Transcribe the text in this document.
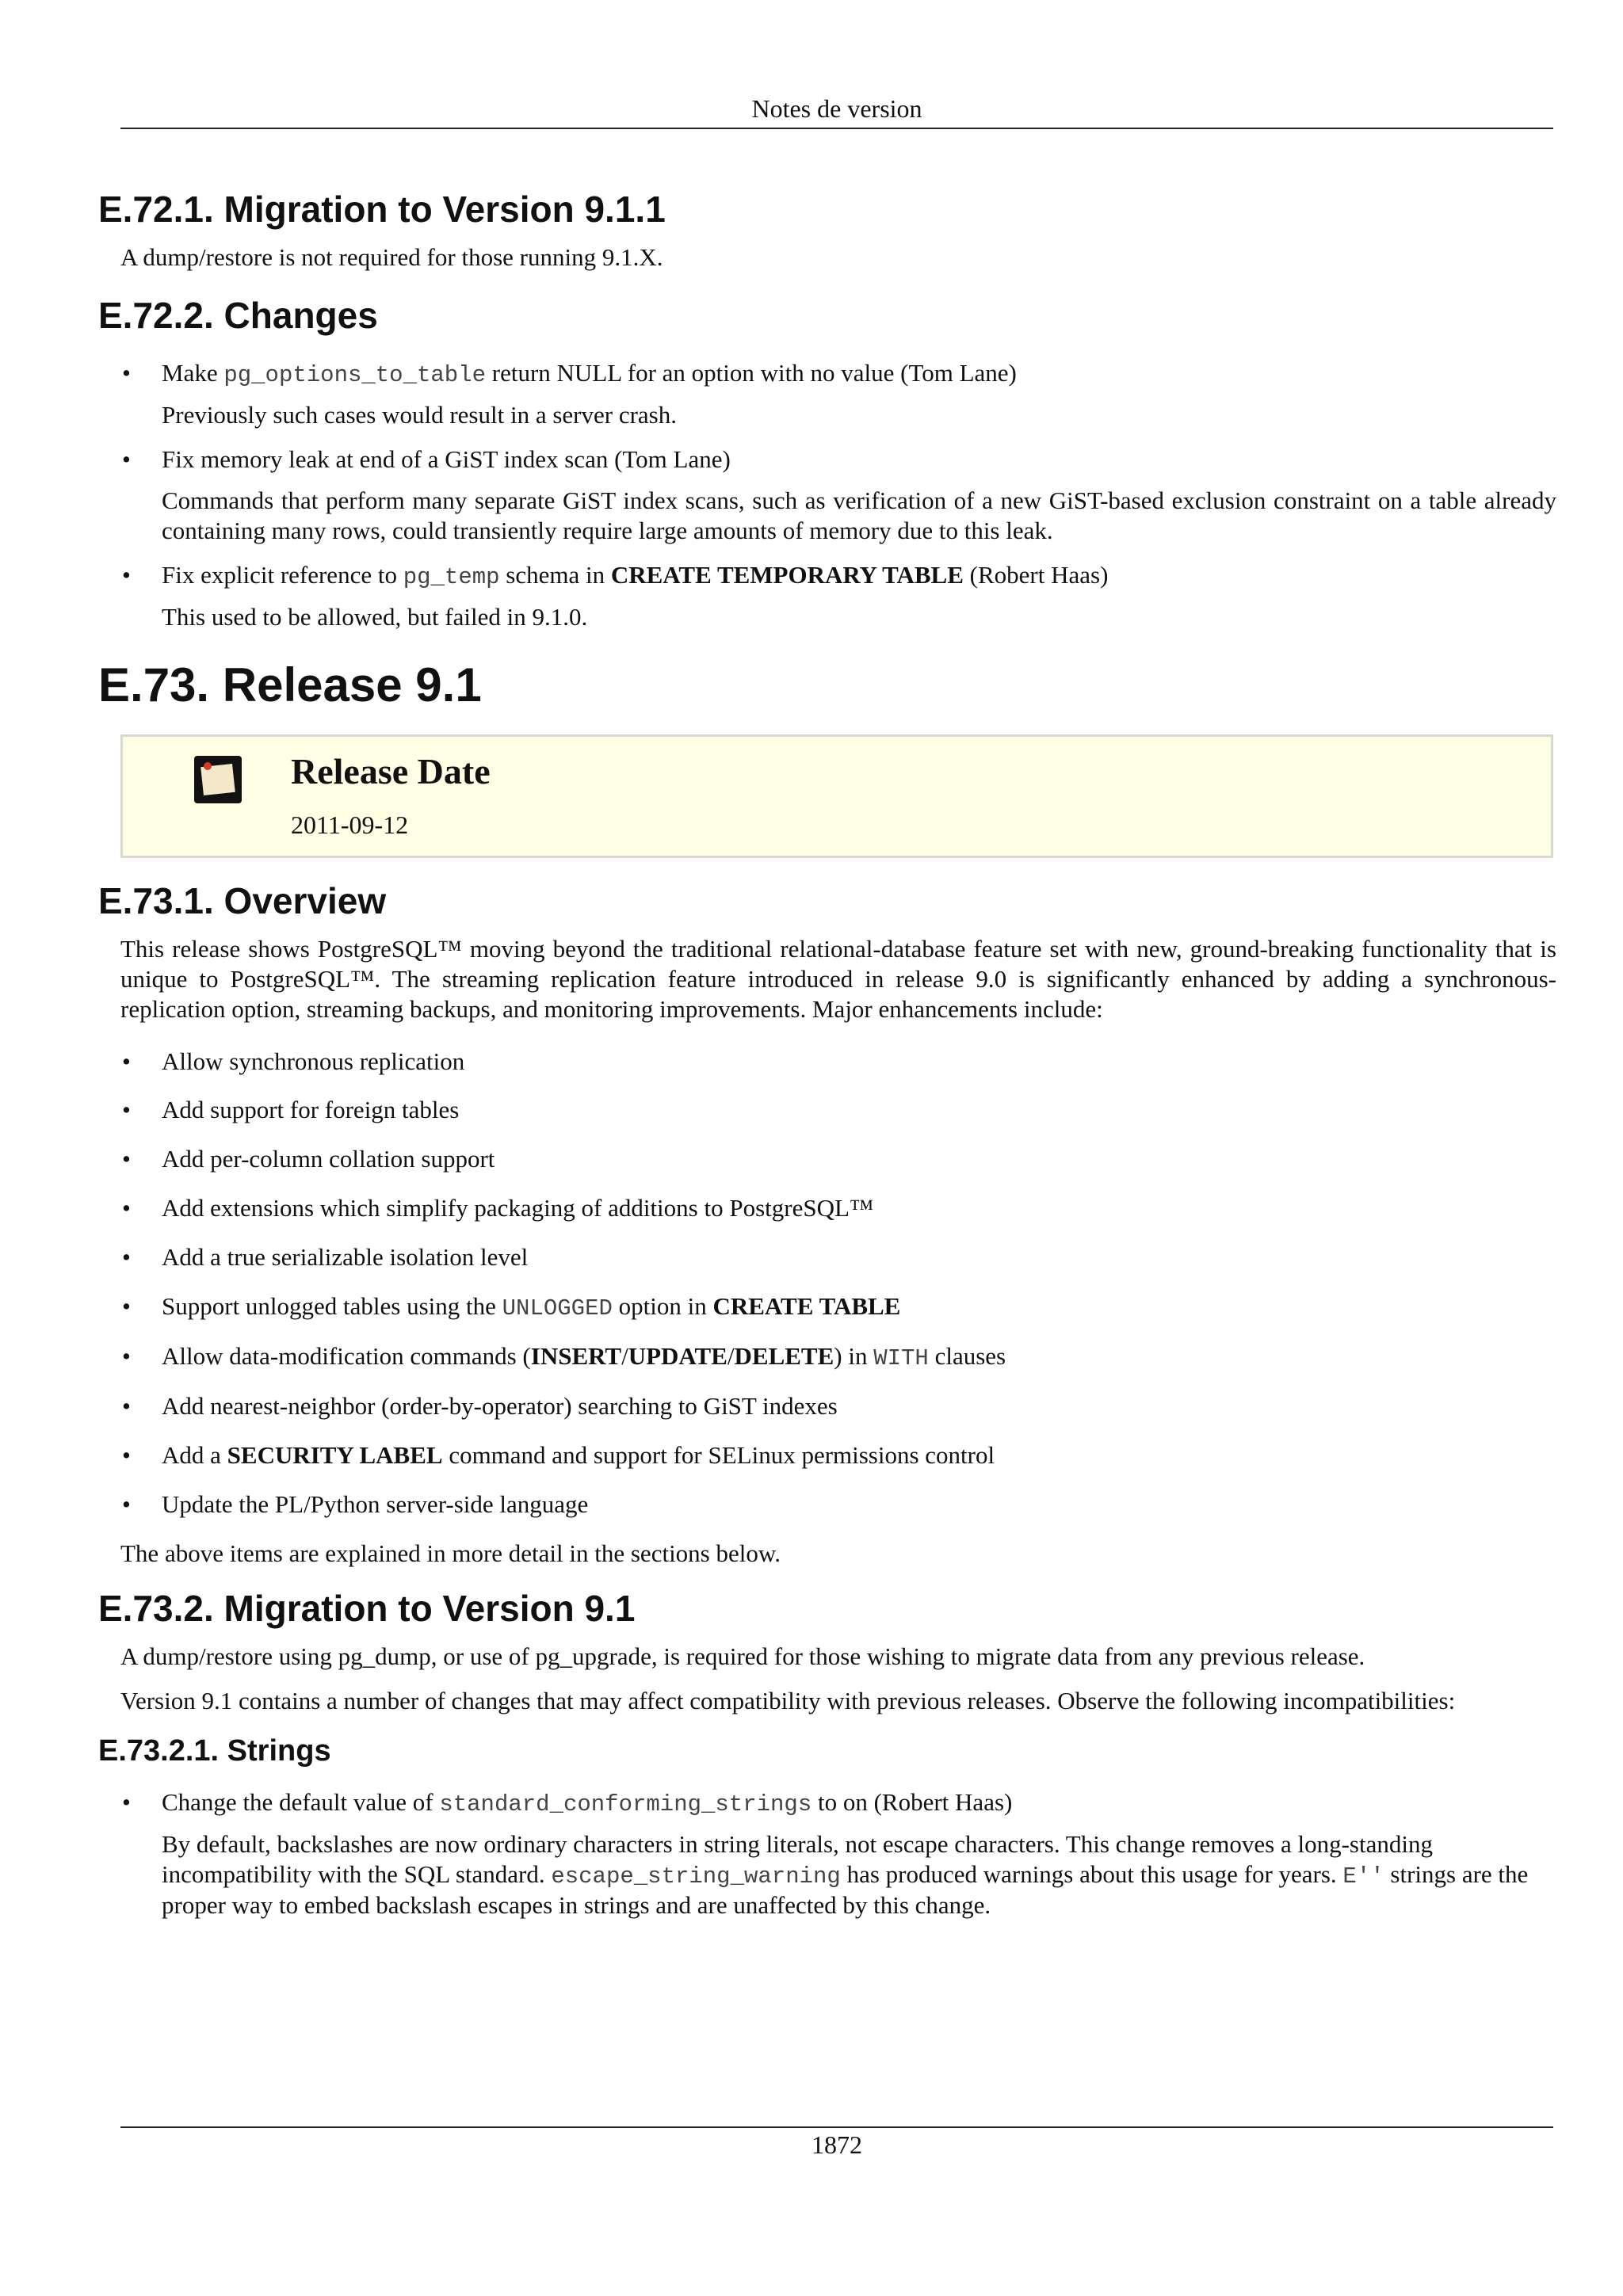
Notes de version
E.72.1. Migration to Version 9.1.1

A dump/restore is not required for those running 9.1.X.

E.72.2. Changes
• Make pg_options_to_table return NULL for an option with no value (Tom Lane)

Previously such cases would result in a server crash.

• Fix memory leak at end of a GiST index scan (Tom Lane)

Commands that perform many separate GiST index scans, such as verification of a new GiST-based exclusion constraint on a table already containing many rows, could transiently require large amounts of memory due to this leak.

• Fix explicit reference to pg_temp schema in CREATE TEMPORARY TABLE (Robert Haas)

This used to be allowed, but failed in 9.1.0.

E.73. Release 9.1
Release Date
2011-09-12
E.73.1. Overview

This release shows PostgreSQL™ moving beyond the traditional relational-database feature set with new, ground-breaking functionality that is unique to PostgreSQL™. The streaming replication feature introduced in release 9.0 is significantly enhanced by adding a synchronous-replication option, streaming backups, and monitoring improvements. Major enhancements include:

• Allow synchronous replication
• Add support for foreign tables
• Add per-column collation support
• Add extensions which simplify packaging of additions to PostgreSQL™
• Add a true serializable isolation level
• Support unlogged tables using the UNLOGGED option in CREATE TABLE
• Allow data-modification commands (INSERT/UPDATE/DELETE) in WITH clauses
• Add nearest-neighbor (order-by-operator) searching to GiST indexes
• Add a SECURITY LABEL command and support for SELinux permissions control
• Update the PL/Python server-side language

The above items are explained in more detail in the sections below.

E.73.2. Migration to Version 9.1

A dump/restore using pg_dump, or use of pg_upgrade, is required for those wishing to migrate data from any previous release.

Version 9.1 contains a number of changes that may affect compatibility with previous releases. Observe the following incompatibilities:

E.73.2.1. Strings
• Change the default value of standard_conforming_strings to on (Robert Haas)

By default, backslashes are now ordinary characters in string literals, not escape characters. This change removes a long-standing incompatibility with the SQL standard. escape_string_warning has produced warnings about this usage for years. E'' strings are the proper way to embed backslash escapes in strings and are unaffected by this change.

1872
